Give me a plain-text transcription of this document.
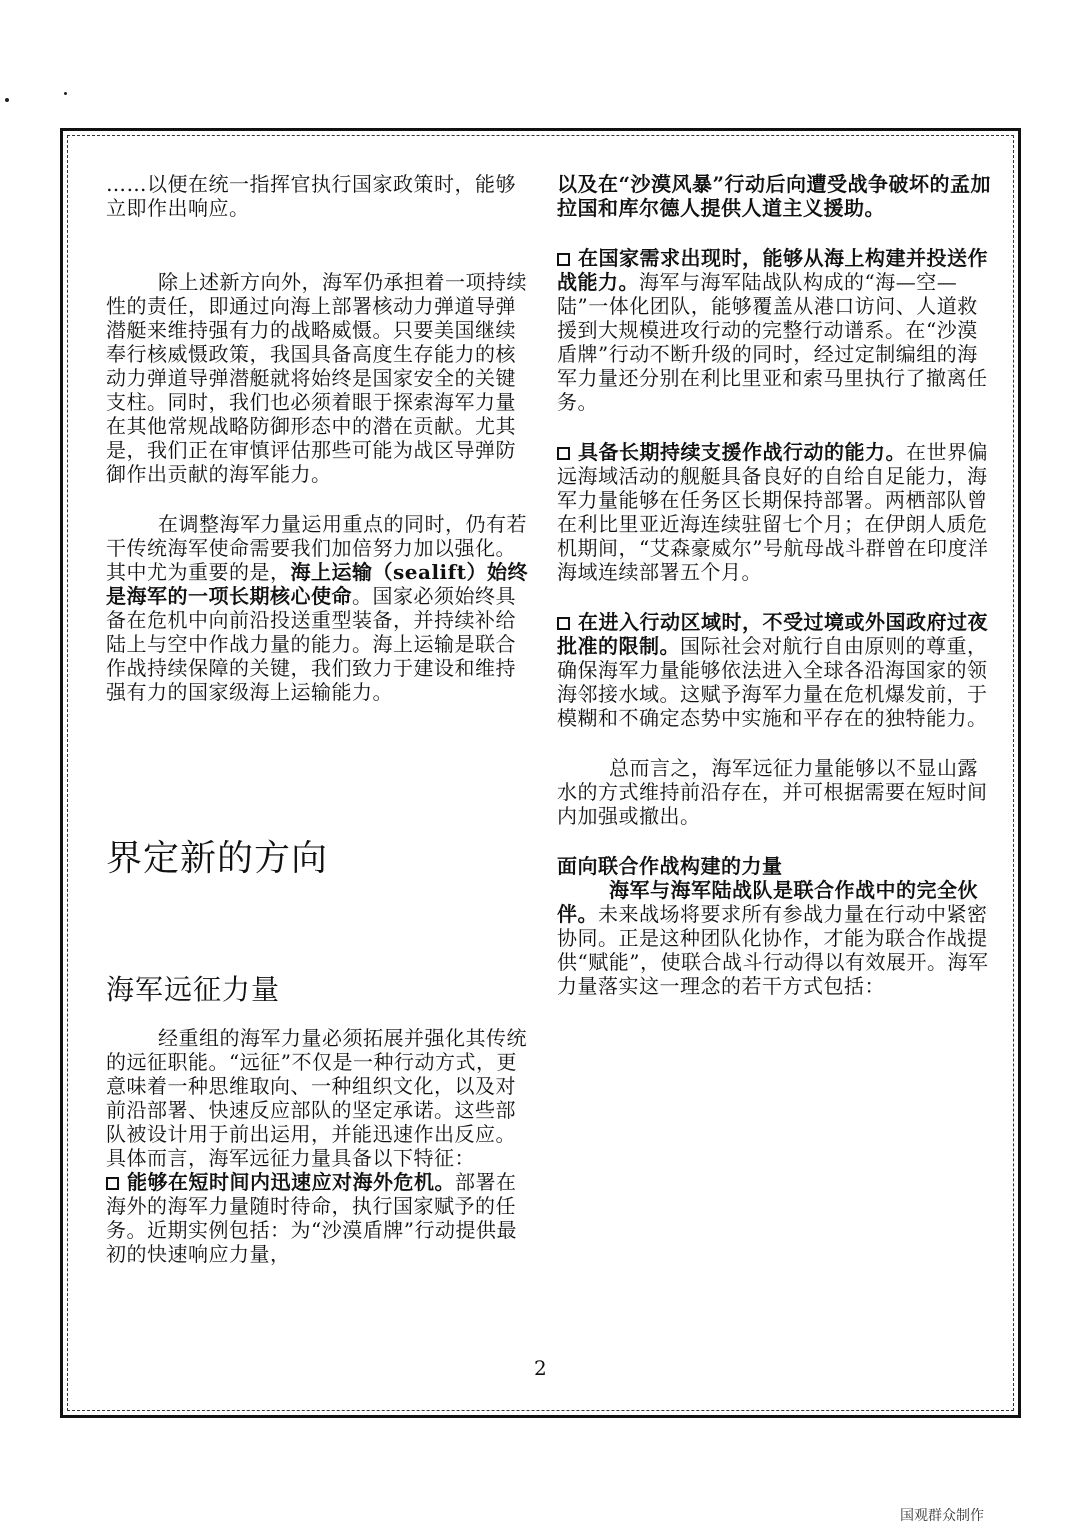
……以便在统一指挥官执行国家政策时，能够立即作出响应。

除上述新方向外，海军仍承担着一项持续性的责任，即通过向海上部署核动力弹道导弹潜艇来维持强有力的战略威慑。只要美国继续奉行核威慑政策，我国具备高度生存能力的核动力弹道导弹潜艇就将始终是国家安全的关键支柱。同时，我们也必须着眼于探索海军力量在其他常规战略防御形态中的潜在贡献。尤其是，我们正在审慎评估那些可能为战区导弹防御作出贡献的海军能力。

在调整海军力量运用重点的同时，仍有若干传统海军使命需要我们加倍努力加以强化。其中尤为重要的是，海上运输（sealift）始终是海军的一项长期核心使命。国家必须始终具备在危机中向前沿投送重型装备，并持续补给陆上与空中作战力量的能力。海上运输是联合作战持续保障的关键，我们致力于建设和维持强有力的国家级海上运输能力。

界定新的方向
海军远征力量

经重组的海军力量必须拓展并强化其传统的远征职能。“远征”不仅是一种行动方式，更意味着一种思维取向、一种组织文化，以及对前沿部署、快速反应部队的坚定承诺。这些部队被设计用于前出运用，并能迅速作出反应。具体而言，海军远征力量具备以下特征：

能够在短时间内迅速应对海外危机。部署在海外的海军力量随时待命，执行国家赋予的任务。近期实例包括：为“沙漠盾牌”行动提供最初的快速响应力量，

以及在“沙漠风暴”行动后向遭受战争破坏的孟加拉国和库尔德人提供人道主义援助。

在国家需求出现时，能够从海上构建并投送作战能力。海军与海军陆战队构成的“海—空—陆”一体化团队，能够覆盖从港口访问、人道救援到大规模进攻行动的完整行动谱系。在“沙漠盾牌”行动不断升级的同时，经过定制编组的海军力量还分别在利比里亚和索马里执行了撤离任务。

具备长期持续支援作战行动的能力。在世界偏远海域活动的舰艇具备良好的自给自足能力，海军力量能够在任务区长期保持部署。两栖部队曾在利比里亚近海连续驻留七个月；在伊朗人质危机期间，“艾森豪威尔”号航母战斗群曾在印度洋海域连续部署五个月。

在进入行动区域时，不受过境或外国政府过夜批准的限制。国际社会对航行自由原则的尊重，确保海军力量能够依法进入全球各沿海国家的领海邻接水域。这赋予海军力量在危机爆发前，于模糊和不确定态势中实施和平存在的独特能力。

总而言之，海军远征力量能够以不显山露水的方式维持前沿存在，并可根据需要在短时间内加强或撤出。

面向联合作战构建的力量

海军与海军陆战队是联合作战中的完全伙伴。未来战场将要求所有参战力量在行动中紧密协同。正是这种团队化协作，才能为联合作战提供“赋能”，使联合战斗行动得以有效展开。海军力量落实这一理念的若干方式包括：

2
国观群众制作
